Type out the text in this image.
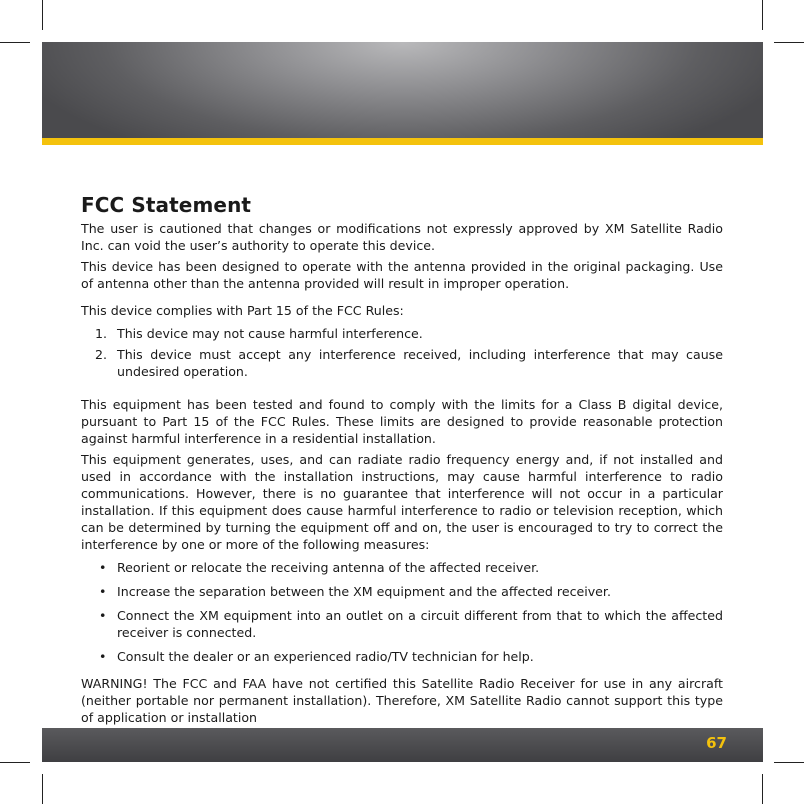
FCC Statement

The user is cautioned that changes or modifications not expressly approved by XM Satellite Radio Inc. can void the user’s authority to operate this device.

This device has been designed to operate with the antenna provided in the original packaging. Use of antenna other than the antenna provided will result in improper operation.

This device complies with Part 15 of the FCC Rules:

1. This device may not cause harmful interference.
2. This device must accept any interference received, including interference that may cause undesired operation.

This equipment has been tested and found to comply with the limits for a Class B digital device, pursuant to Part 15 of the FCC Rules. These limits are designed to provide reasonable protection against harmful interference in a residential installation.

This equipment generates, uses, and can radiate radio frequency energy and, if not installed and used in accordance with the installation instructions, may cause harmful interference to radio communications. However, there is no guarantee that interference will not occur in a particular installation. If this equipment does cause harmful interference to radio or television reception, which can be determined by turning the equipment off and on, the user is encouraged to try to correct the interference by one or more of the following measures:

• Reorient or relocate the receiving antenna of the affected receiver.
• Increase the separation between the XM equipment and the affected receiver.
• Connect the XM equipment into an outlet on a circuit different from that to which the affected receiver is connected.
• Consult the dealer or an experienced radio/TV technician for help.

WARNING! The FCC and FAA have not certified this Satellite Radio Receiver for use in any aircraft (neither portable nor permanent installation). Therefore, XM Satellite Radio cannot support this type of application or installation

67
